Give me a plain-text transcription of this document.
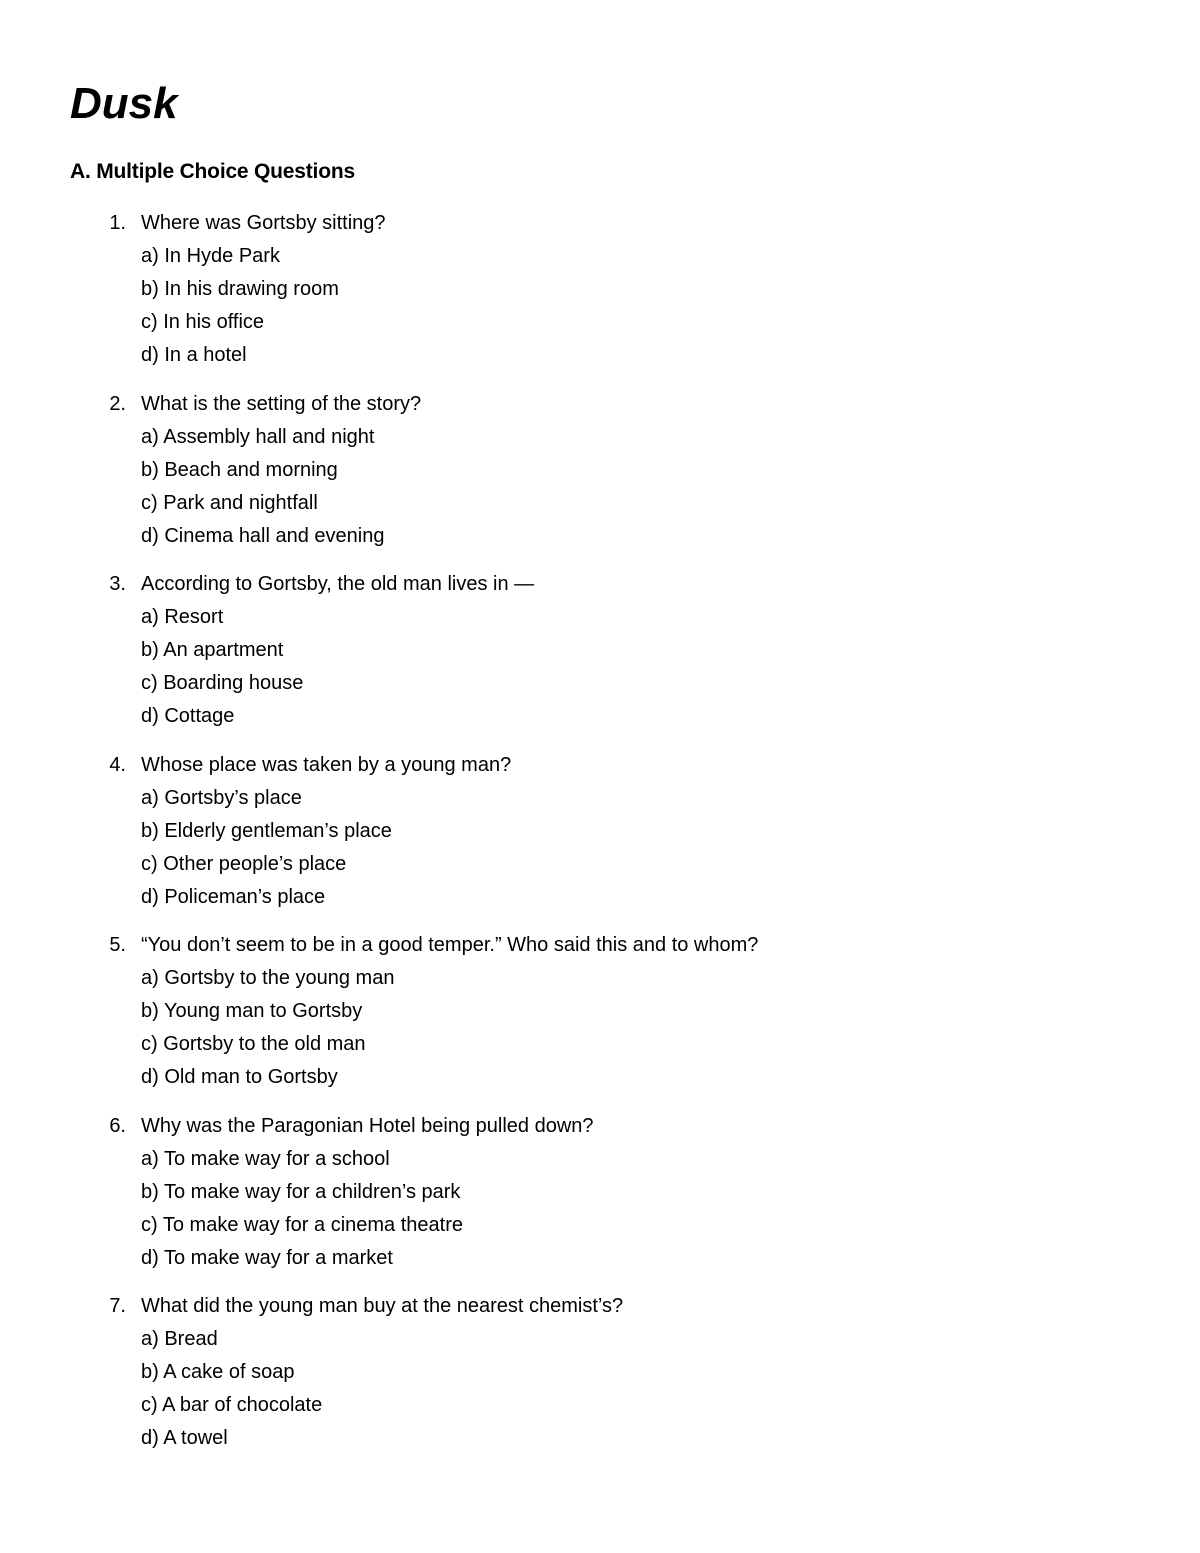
Dusk
A. Multiple Choice Questions
1. Where was Gortsby sitting?
a) In Hyde Park
b) In his drawing room
c) In his office
d) In a hotel
2. What is the setting of the story?
a) Assembly hall and night
b) Beach and morning
c) Park and nightfall
d) Cinema hall and evening
3. According to Gortsby, the old man lives in —
a) Resort
b) An apartment
c) Boarding house
d) Cottage
4. Whose place was taken by a young man?
a) Gortsby’s place
b) Elderly gentleman’s place
c) Other people’s place
d) Policeman’s place
5. “You don’t seem to be in a good temper.” Who said this and to whom?
a) Gortsby to the young man
b) Young man to Gortsby
c) Gortsby to the old man
d) Old man to Gortsby
6. Why was the Paragonian Hotel being pulled down?
a) To make way for a school
b) To make way for a children’s park
c) To make way for a cinema theatre
d) To make way for a market
7. What did the young man buy at the nearest chemist’s?
a) Bread
b) A cake of soap
c) A bar of chocolate
d) A towel
